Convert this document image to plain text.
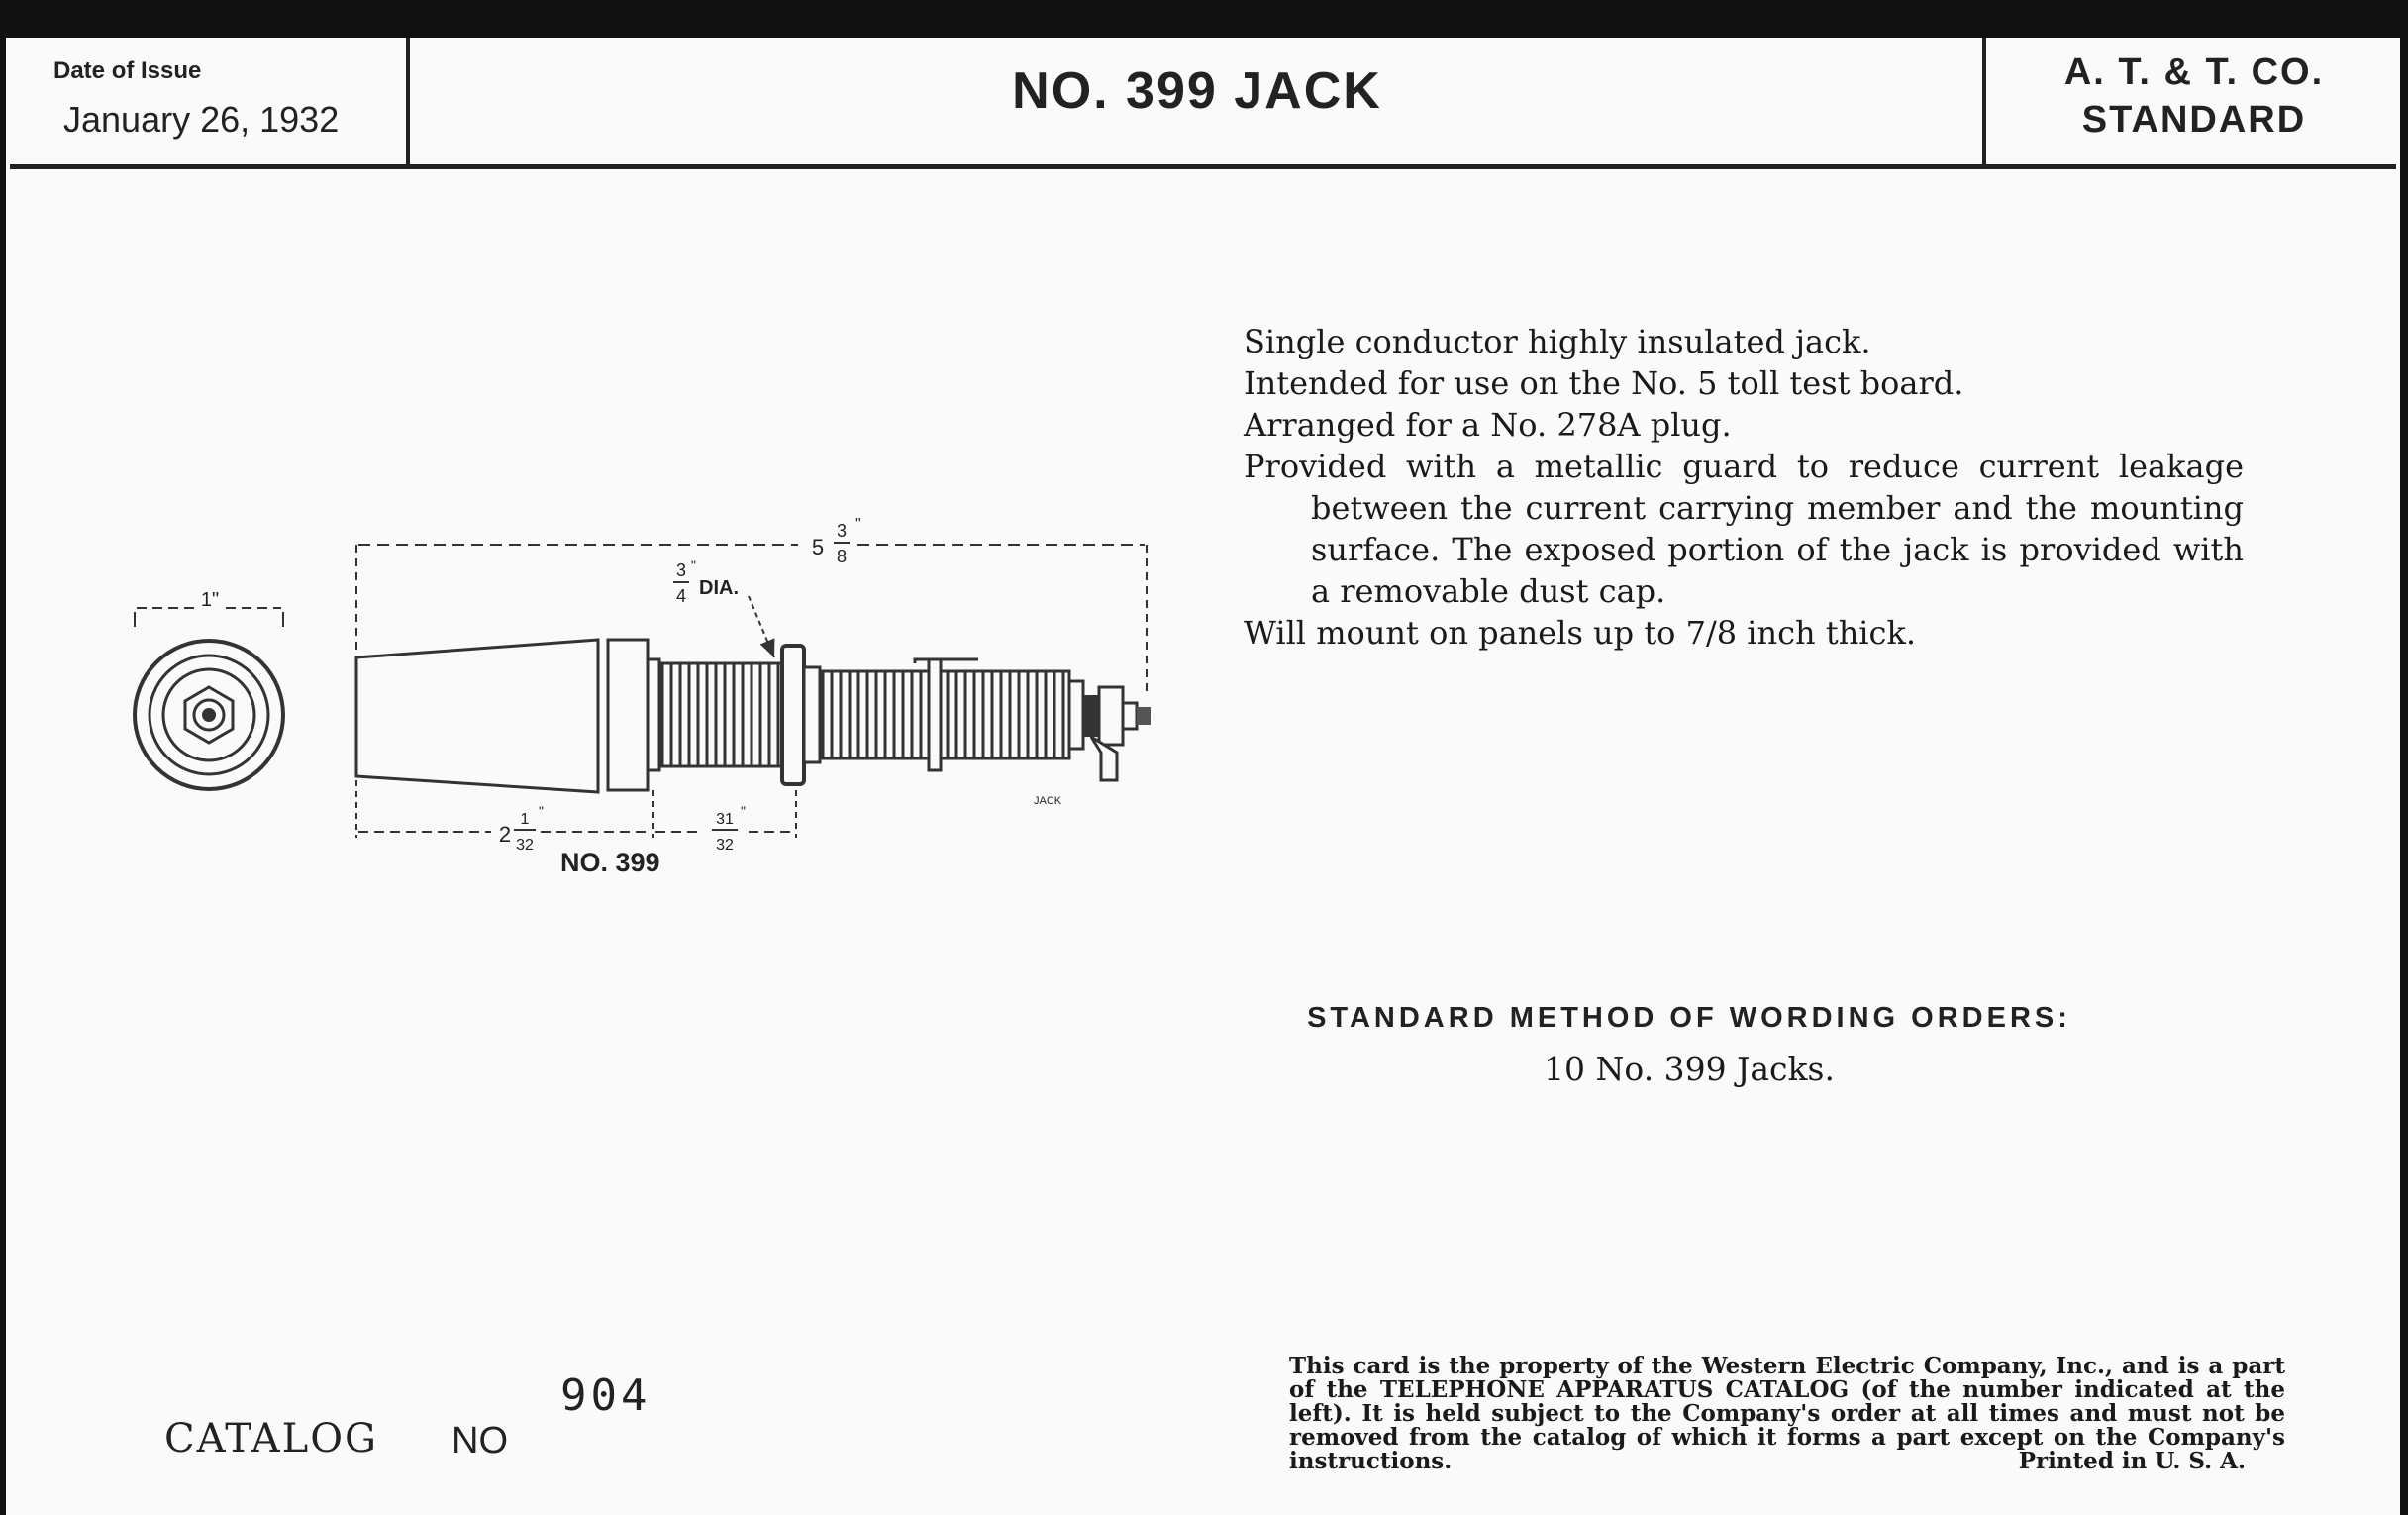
Date of Issue
January 26, 1932	NO. 399 JACK	A. T. & T. CO.
STANDARD
1"
5
3
8
"
3
4
"
DIA.
2
1
32
"	31
32
"
JACK
NO. 399

Single conductor highly insulated jack.

Intended for use on the No. 5 toll test board.

Arranged for a No. 278A plug.

Provided with a metallic guard to reduce current leakage between the current carrying member and the mounting surface. The exposed portion of the jack is provided with a removable dust cap.

Will mount on panels up to 7/8 inch thick.

STANDARD METHOD OF WORDING ORDERS:
10 No. 399 Jacks.
CATALOG NO
904
This card is the property of the Western Electric Company, Inc., and is a part of the TELEPHONE APPARATUS CATALOG (of the number indicated at the left). It is held subject to the Company's order at all times and must not be removed from the catalog of which it forms a part except on the Company's instructions.	Printed in U. S. A.
